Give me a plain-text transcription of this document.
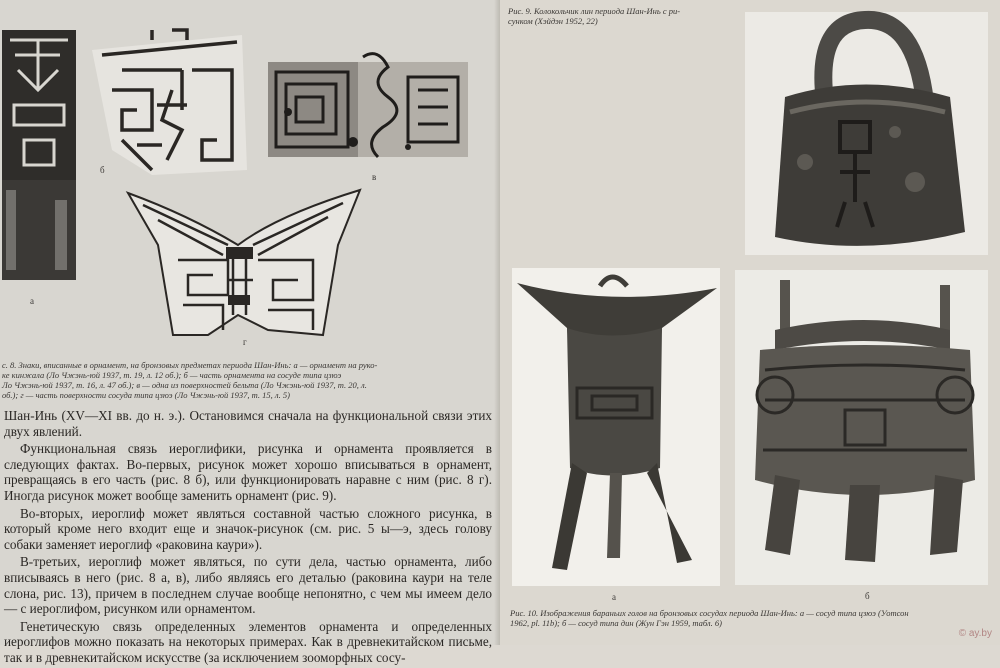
а
б
в
г
с. 8. Знаки, вписанные в орнамент, на бронзовых предметах периода Шан-Инь: а — орнамент на руко-
ке кинжала (Ло Чжэнь-юй 1937, т. 19, л. 12 об.); б — часть орнамента на сосуде типа цзюэ
Ло Чжэнь-юй 1937, т. 16, л. 47 об.); в — одна из поверхностей бельта (Ло Чжэнь-юй 1937, т. 20, л.
об.); г — часть поверхности сосуда типа цзюэ (Ло Чжэнь-юй 1937, т. 15, л. 5)

Шан-Инь (XV—XI вв. до н. э.). Остановимся сначала на функциональной связи этих двух явлений.

Функциональная связь иероглифики, рисунка и орнамента проявляется в следующих фактах. Во-первых, рисунок может хорошо вписываться в орнамент, превращаясь в его часть (рис. 8 б), или функционировать наравне с ним (рис. 8 г). Иногда рисунок может вообще заменить орнамент (рис. 9).

Во-вторых, иероглиф может являться составной частью сложного рисунка, в который кроме него входит еще и значок-рисунок (см. рис. 5 ы—э, здесь голову собаки заменяет иероглиф «раковина каури»).

В-третьих, иероглиф может являться, по сути дела, частью орнамента, либо вписываясь в него (рис. 8 а, в), либо являясь его деталью (раковина каури на теле слона, рис. 13), причем в последнем случае вообще непонятно, с чем мы имеем дело — с иероглифом, рисунком или орнаментом.

Генетическую связь определенных элементов орнамента и определенных иероглифов можно показать на некоторых примерах. Как в древнекитайском письме, так и в древнекитайском искусстве (за исключением зооморфных сосу-

Рис. 9. Колокольчик лин периода Шан-Инь с ри-
сунком (Хэйдэн 1952, 22)
а	б
Рис. 10. Изображения бараньих голов на бронзовых сосудах периода Шан-Инь: а — сосуд типа цзюэ (Уотсон
1962, pl. 11b); б — сосуд типа дин (Жун Гэн 1959, табл. 6)
© ay.by
